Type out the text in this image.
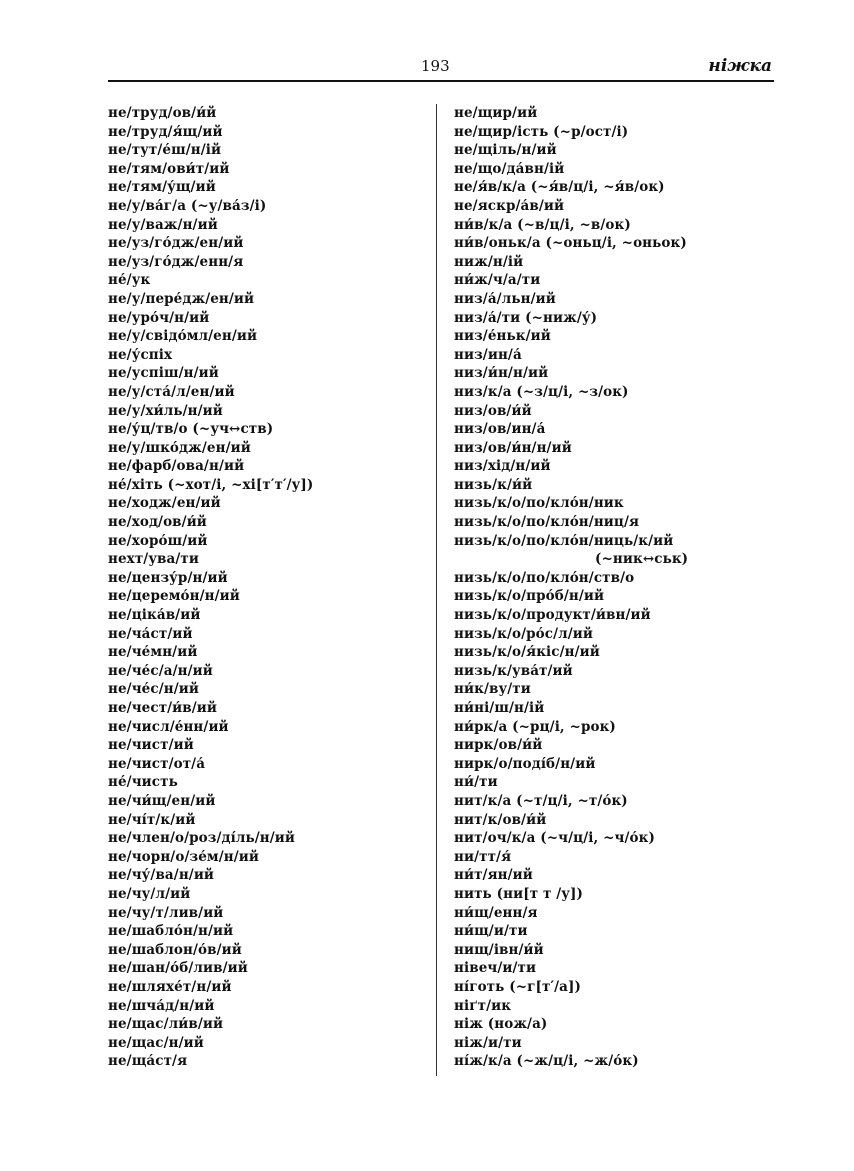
193	ніжка
не/труд/ов/и́й
не/труд/я́щ/ий
не/тут/е́ш/н/ій
не/тям/ови́т/ий
не/тям/у́щ/ий
не/у/ва́г/а (~у/ва́з/і)
не/у/важ/н/ий
не/уз/го́дж/ен/ий
не/уз/го́дж/енн/я
не́/ук
не/у/пере́дж/ен/ий
не/уро́ч/н/ий
не/у/свідо́мл/ен/ий
не/у́спіх
не/успіш/н/ий
не/у/ста́/л/ен/ий
не/у/хи́ль/н/ий
не/у́ц/тв/о (~уч↔ств)
не/у/шко́дж/ен/ий
не/фарб/ова/н/ий
не́/хіть (~хот/і, ~хі[т′т′/у])
не/ходж/ен/ий
не/ход/ов/и́й
не/хоро́ш/ий
нехт/ува/ти
не/цензу́р/н/ий
не/церемо́н/н/ий
не/ціка́в/ий
не/ча́ст/ий
не/че́мн/ий
не/че́с/а/н/ий
не/че́с/н/ий
не/чест/и́в/ий
не/числ/е́нн/ий
не/чист/ий
не/чист/от/а́
не́/чисть
не/чи́щ/ен/ий
не/чі́т/к/ий
не/член/о/роз/ді́ль/н/ий
не/чорн/о/зе́м/н/ий
не/чу́/ва/н/ий
не/чу/л/ий
не/чу/т/лив/ий
не/шабло́н/н/ий
не/шаблон/о́в/ий
не/шан/о́б/лив/ий
не/шляхе́т/н/ий
не/шча́д/н/ий
не/щас/ли́в/ий
не/щас/н/ий
не/ща́ст/я
не/щир/ий
не/щир/ість (~р/ост/і)
не/щіль/н/ий
не/що/да́вн/ій
не/я́в/к/а (~я́в/ц/і, ~я́в/ок)
не/яскр/а́в/ий
ни́в/к/а (~в/ц/і, ~в/ок)
ни́в/оньк/а (~оньц/і, ~оньок)
ниж/н/ій
ни́ж/ч/а/ти
низ/а́/льн/ий
низ/а́/ти (~ниж/у́)
низ/е́ньк/ий
низ/ин/а́
низ/и́н/н/ий
низ/к/а (~з/ц/і, ~з/ок)
низ/ов/и́й
низ/ов/ин/а́
низ/ов/и́н/н/ий
низ/хід/н/ий
низь/к/и́й
низь/к/о/по/кло́н/ник
низь/к/о/по/кло́н/ниц/я
низь/к/о/по/кло́н/ниць/к/ий
(~ник↔ськ)
низь/к/о/по/кло́н/ств/о
низь/к/о/про́б/н/ий
низь/к/о/продукт/и́вн/ий
низь/к/о/ро́с/л/ий
низь/к/о/я́кіс/н/ий
низь/к/ува́т/ий
ни́к/ву/ти
ни́ні/ш/н/ій
ни́рк/а (~рц/і, ~рок)
нирк/ов/и́й
нирк/о/поді́б/н/ий
ни́/ти
нит/к/а (~т/ц/і, ~т/о́к)
нит/к/ов/и́й
нит/оч/к/а (~ч/ц/і, ~ч/о́к)
ни/тт/я́
ни́т/ян/ий
нить (ни[т т /у])
ни́щ/енн/я
ни́щ/и/ти
нищ/івн/и́й
нівеч/и/ти
ні́готь (~г[т′/а])
ніґт/ик
ніж (нож/а)
ніж/и/ти
ні́ж/к/а (~ж/ц/і, ~ж/о́к)
